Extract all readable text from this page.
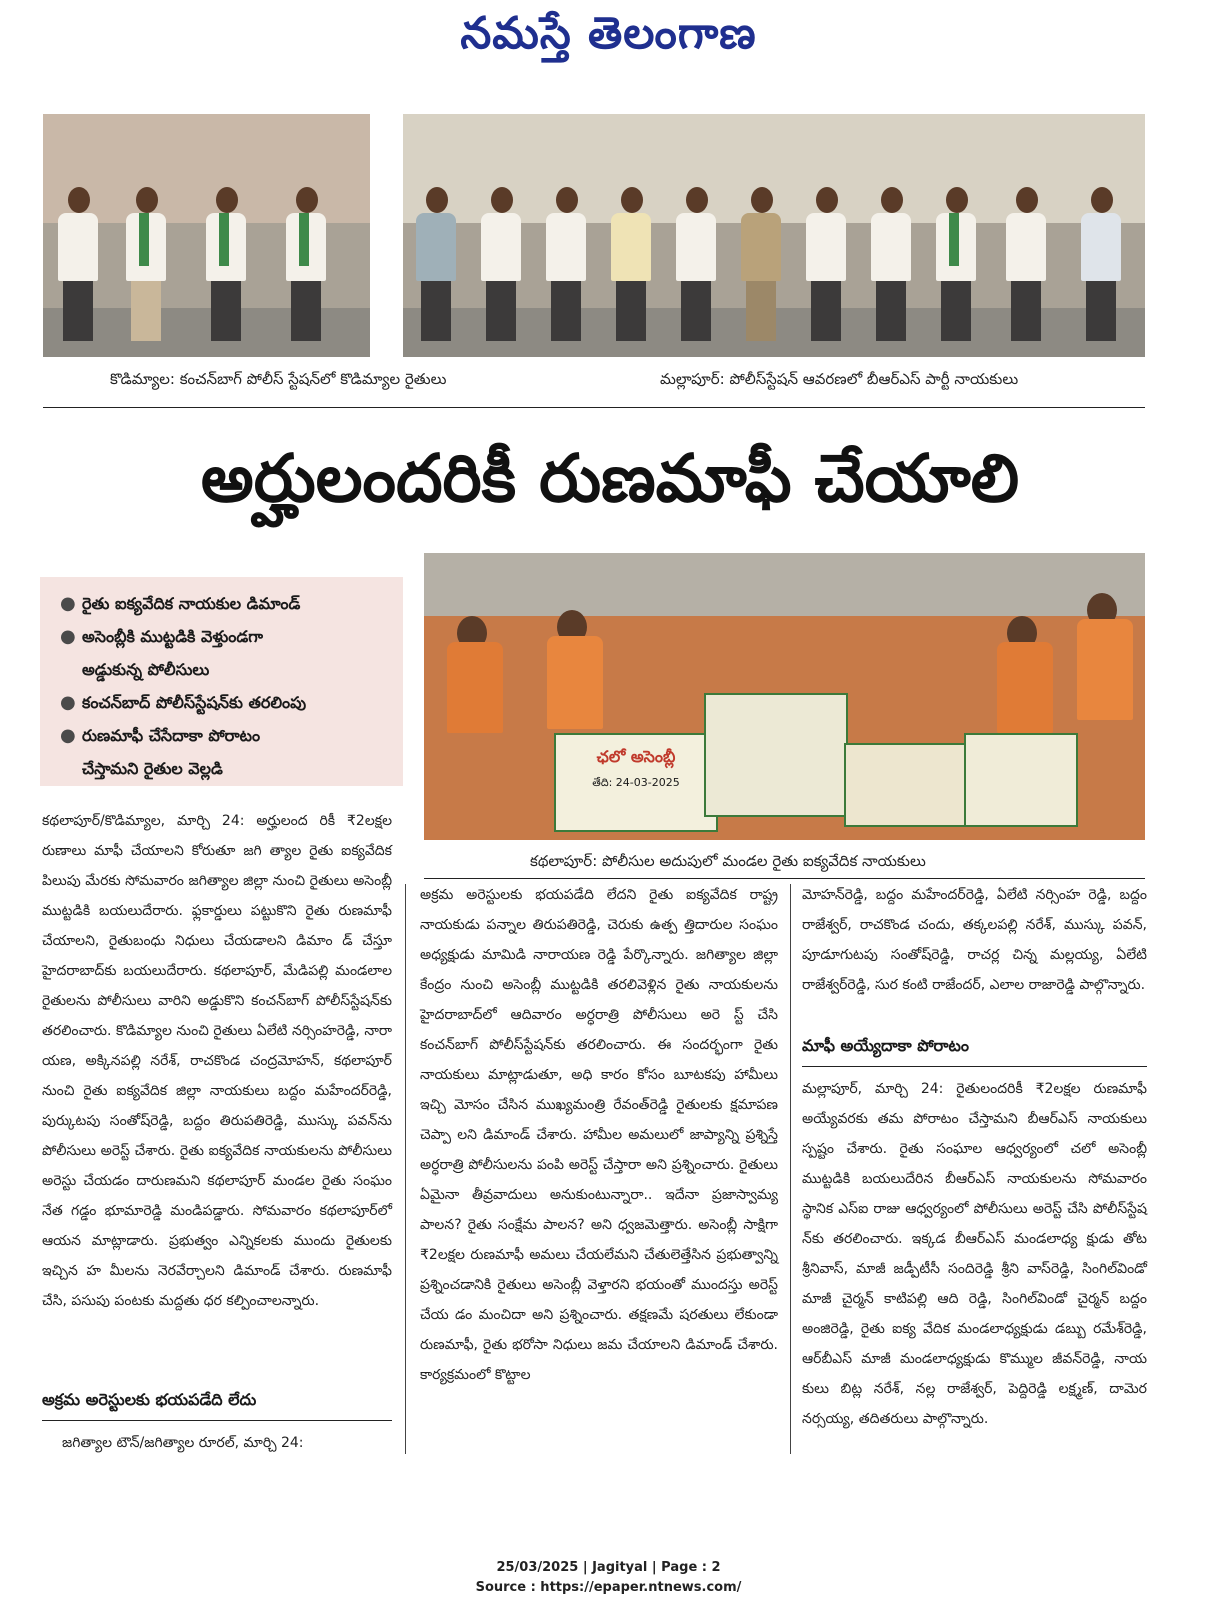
నమస్తే తెలంగాణ
కొడిమ్యాల: కంచన్‌బాగ్ పోలీస్ స్టేషన్‌లో కొడిమ్యాల రైతులు	మల్లాపూర్: పోలీస్‌స్టేషన్ ఆవరణలో బీఆర్ఎస్ పార్టీ నాయకులు
అర్హులందరికీ రుణమాఫీ చేయాలి
● రైతు ఐక్యవేదిక నాయకుల డిమాండ్
● అసెంబ్లీకి ముట్టడికి వెళ్తుండగా
అడ్డుకున్న పోలీసులు
● కంచన్‌బాద్ పోలీస్‌స్టేషన్‌కు తరలింపు
● రుణమాఫీ చేసేదాకా పోరాటం
చేస్తామని రైతుల వెల్లడి
ఛలో అసెంబ్లీ
తేది: 24-03-2025
కథలాపూర్: పోలీసుల అదుపులో మండల రైతు ఐక్యవేదిక నాయకులు

కథలాపూర్/కొడిమ్యాల, మార్చి 24: అర్హులంద రికీ ₹2లక్షల రుణాలు మాఫీ చేయాలని కోరుతూ జగి త్యాల రైతు ఐక్యవేదిక పిలుపు మేరకు సోమవారం జగిత్యాల జిల్లా నుంచి రైతులు అసెంబ్లీ ముట్టడికి బయలుదేరారు. ఫ్లకార్డులు పట్టుకొని రైతు రుణమాఫీ చేయాలని, రైతుబంధు నిధులు చేయడాలని డిమాం డ్ చేస్తూ హైదరాబాద్‌కు బయలుదేరారు. కథలాపూర్, మేడిపల్లి మండలాల రైతులను పోలీసులు వారిని అడ్డుకొని కంచన్‌బాగ్ పోలీస్‌స్టేషన్‌కు తరలించారు. కొడిమ్యాల నుంచి రైతులు ఏలేటి నర్సింహరెడ్డి, నారా యణ, అక్కినపల్లి నరేశ్, రాచకొండ చంద్రమోహన్, కథలాపూర్ నుంచి రైతు ఐక్యవేదిక జిల్లా నాయకులు బద్దం మహేందర్‌రెడ్డి, పుర్కుటపు సంతోష్‌రెడ్డి, బద్దం తిరుపతిరెడ్డి, ముస్కు పవన్‌ను పోలీసులు అరెస్ట్ చేశారు. రైతు ఐక్యవేదిక నాయకులను పోలీసులు అరెస్టు చేయడం దారుణమని కథలాపూర్ మండల రైతు సంఘం నేత గడ్డం భూమారెడ్డి మండిపడ్డారు. సోమవారం కథలాపూర్‌లో ఆయన మాట్లాడారు. ప్రభుత్వం ఎన్నికలకు ముందు రైతులకు ఇచ్చిన హ మీలను నెరవేర్చాలని డిమాండ్ చేశారు. రుణమాఫీ చేసి, పసుపు పంటకు మద్దతు ధర కల్పించాలన్నారు.

అక్రమ అరెస్టులకు భయపడేది లేదు

జగిత్యాల టౌన్/జగిత్యాల రూరల్, మార్చి 24:

అక్రమ అరెస్టులకు భయపడేది లేదని రైతు ఐక్యవేదిక రాష్ట్ర నాయకుడు పన్నాల తిరుపతిరెడ్డి, చెరుకు ఉత్ప త్తిదారుల సంఘం అధ్యక్షుడు మామిడి నారాయణ రెడ్డి పేర్కొన్నారు. జగిత్యాల జిల్లా కేంద్రం నుంచి అసెంబ్లీ ముట్టడికి తరలివెళ్లిన రైతు నాయకులను హైదరాబాద్‌లో ఆదివారం అర్ధరాత్రి పోలీసులు అరె స్ట్ చేసి కంచన్‌బాగ్ పోలీస్‌స్టేషన్‌కు తరలించారు. ఈ సందర్భంగా రైతు నాయకులు మాట్లాడుతూ, అధి కారం కోసం బూటకపు హామీలు ఇచ్చి మోసం చేసిన ముఖ్యమంత్రి రేవంత్‌రెడ్డి రైతులకు క్షమాపణ చెప్పా లని డిమాండ్ చేశారు. హామీల అమలులో జాప్యాన్ని ప్రశ్నిస్తే అర్ధరాత్రి పోలీసులను పంపి అరెస్ట్ చేస్తారా అని ప్రశ్నించారు. రైతులు ఏమైనా తీవ్రవాదులు అనుకుంటున్నారా.. ఇదేనా ప్రజాస్వామ్య పాలన? రైతు సంక్షేమ పాలన? అని ధ్వజమెత్తారు. అసెంబ్లీ సాక్షిగా ₹2లక్షల రుణమాఫీ అమలు చేయలేమని చేతులెత్తేసిన ప్రభుత్వాన్ని ప్రశ్నించడానికి రైతులు అసెంబ్లీ వెళ్తారని భయంతో ముందస్తు అరెస్ట్ చేయ డం మంచిదా అని ప్రశ్నించారు. తక్షణమే షరతులు లేకుండా రుణమాఫీ, రైతు భరోసా నిధులు జమ చేయాలని డిమాండ్ చేశారు. కార్యక్రమంలో కొట్టాల

మోహన్‌రెడ్డి, బద్దం మహేందర్‌రెడ్డి, ఏలేటి నర్సింహ రెడ్డి, బద్దం రాజేశ్వర్, రాచకొండ చందు, తక్కలపల్లి నరేశ్, ముస్కు పవన్, పూడూగుటపు సంతోష్‌రెడ్డి, రాచర్ల చిన్న మల్లయ్య, ఏలేటి రాజేశ్వర్‌రెడ్డి, సుర కంటి రాజేందర్, ఎలాల రాజారెడ్డి పాల్గొన్నారు.

మాఫీ అయ్యేదాకా పోరాటం

మల్లాపూర్, మార్చి 24: రైతులందరికీ ₹2లక్షల రుణమాఫీ అయ్యేవరకు తమ పోరాటం చేస్తామని బీఆర్ఎస్ నాయకులు స్పష్టం చేశారు. రైతు సంఘాల ఆధ్వర్యంలో చలో అసెంబ్లీ ముట్టడికి బయలుదేరిన బీఆర్ఎస్ నాయకులను సోమవారం స్థానిక ఎస్ఐ రాజు ఆధ్వర్యంలో పోలీసులు అరెస్ట్ చేసి పోలీస్‌స్టేష న్‌కు తరలించారు. ఇక్కడ బీఆర్ఎస్ మండలాధ్య క్షుడు తోట శ్రీనివాస్, మాజీ జడ్పీటీసీ సందిరెడ్డి శ్రీని వాస్‌రెడ్డి, సింగిల్‌విండో మాజీ చైర్మన్ కాటిపల్లి ఆది రెడ్డి, సింగిల్‌విండో చైర్మన్ బద్దం అంజిరెడ్డి, రైతు ఐక్య వేదిక మండలాధ్యక్షుడు డబ్బు రమేశ్‌రెడ్డి, ఆర్‌బీఎస్ మాజీ మండలాధ్యక్షుడు కొమ్ముల జీవన్‌రెడ్డి, నాయ కులు బిట్ల నరేశ్, నల్ల రాజేశ్వర్, పెద్దిరెడ్డి లక్ష్మణ్, దామెర నర్సయ్య, తదితరులు పాల్గొన్నారు.

25/03/2025 | Jagityal | Page : 2
Source : https://epaper.ntnews.com/
